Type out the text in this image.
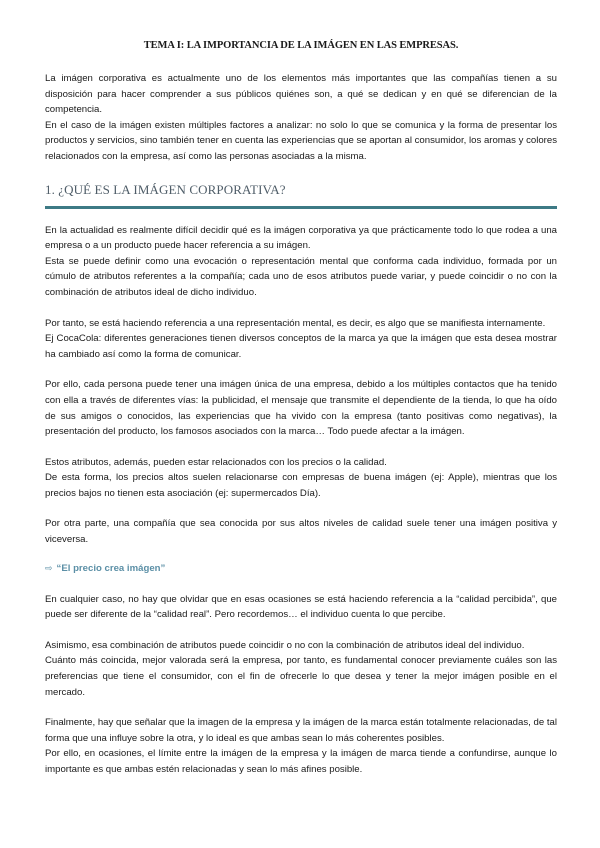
TEMA I: LA IMPORTANCIA DE LA IMÁGEN EN LAS EMPRESAS.

La imágen corporativa es actualmente uno de los elementos más importantes que las compañías tienen a su disposición para hacer comprender a sus públicos quiénes son, a qué se dedican y en qué se diferencian de la competencia.

En el caso de la imágen existen múltiples factores a analizar: no solo lo que se comunica y la forma de presentar los productos y servicios, sino también tener en cuenta las experiencias que se aportan al consumidor, los aromas y colores relacionados con la empresa, así como las personas asociadas a la misma.

1. ¿QUÉ ES LA IMÁGEN CORPORATIVA?

En la actualidad es realmente difícil decidir qué es la imágen corporativa ya que prácticamente todo lo que rodea a una empresa o a un producto puede hacer referencia a su imágen.

Esta se puede definir como una evocación o representación mental que conforma cada individuo, formada por un cúmulo de atributos referentes a la compañía; cada uno de esos atributos puede variar, y puede coincidir o no con la combinación de atributos ideal de dicho individuo.

Por tanto, se está haciendo referencia a una representación mental, es decir, es algo que se manifiesta internamente.

Ej CocaCola: diferentes generaciones tienen diversos conceptos de la marca ya que la imágen que esta desea mostrar ha cambiado así como la forma de comunicar.

Por ello, cada persona puede tener una imágen única de una empresa, debido a los múltiples contactos que ha tenido con ella a través de diferentes vías: la publicidad, el mensaje que transmite el dependiente de la tienda, lo que ha oído de sus amigos o conocidos, las experiencias que ha vivido con la empresa (tanto positivas como negativas), la presentación del producto, los famosos asociados con la marca… Todo puede afectar a la imágen.

Estos atributos, además, pueden estar relacionados con los precios o la calidad.

De esta forma, los precios altos suelen relacionarse con empresas de buena imágen (ej: Apple), mientras que los precios bajos no tienen esta asociación (ej: supermercados Día).

Por otra parte, una compañía que sea conocida por sus altos niveles de calidad suele tener una imágen positiva y viceversa.

⇨ “El precio crea imágen”

En cualquier caso, no hay que olvidar que en esas ocasiones se está haciendo referencia a la “calidad percibida”, que puede ser diferente de la “calidad real”. Pero recordemos… el individuo cuenta lo que percibe.

Asimismo, esa combinación de atributos puede coincidir o no con la combinación de atributos ideal del individuo.

Cuánto más coincida, mejor valorada será la empresa, por tanto, es fundamental conocer previamente cuáles son las preferencias que tiene el consumidor, con el fin de ofrecerle lo que desea y tener la mejor imágen posible en el mercado.

Finalmente, hay que señalar que la imagen de la empresa y la imágen de la marca están totalmente relacionadas, de tal forma que una influye sobre la otra, y lo ideal es que ambas sean lo más coherentes posibles.

Por ello, en ocasiones, el límite entre la imágen de la empresa y la imágen de marca tiende a confundirse, aunque lo importante es que ambas estén relacionadas y sean lo más afines posible.
